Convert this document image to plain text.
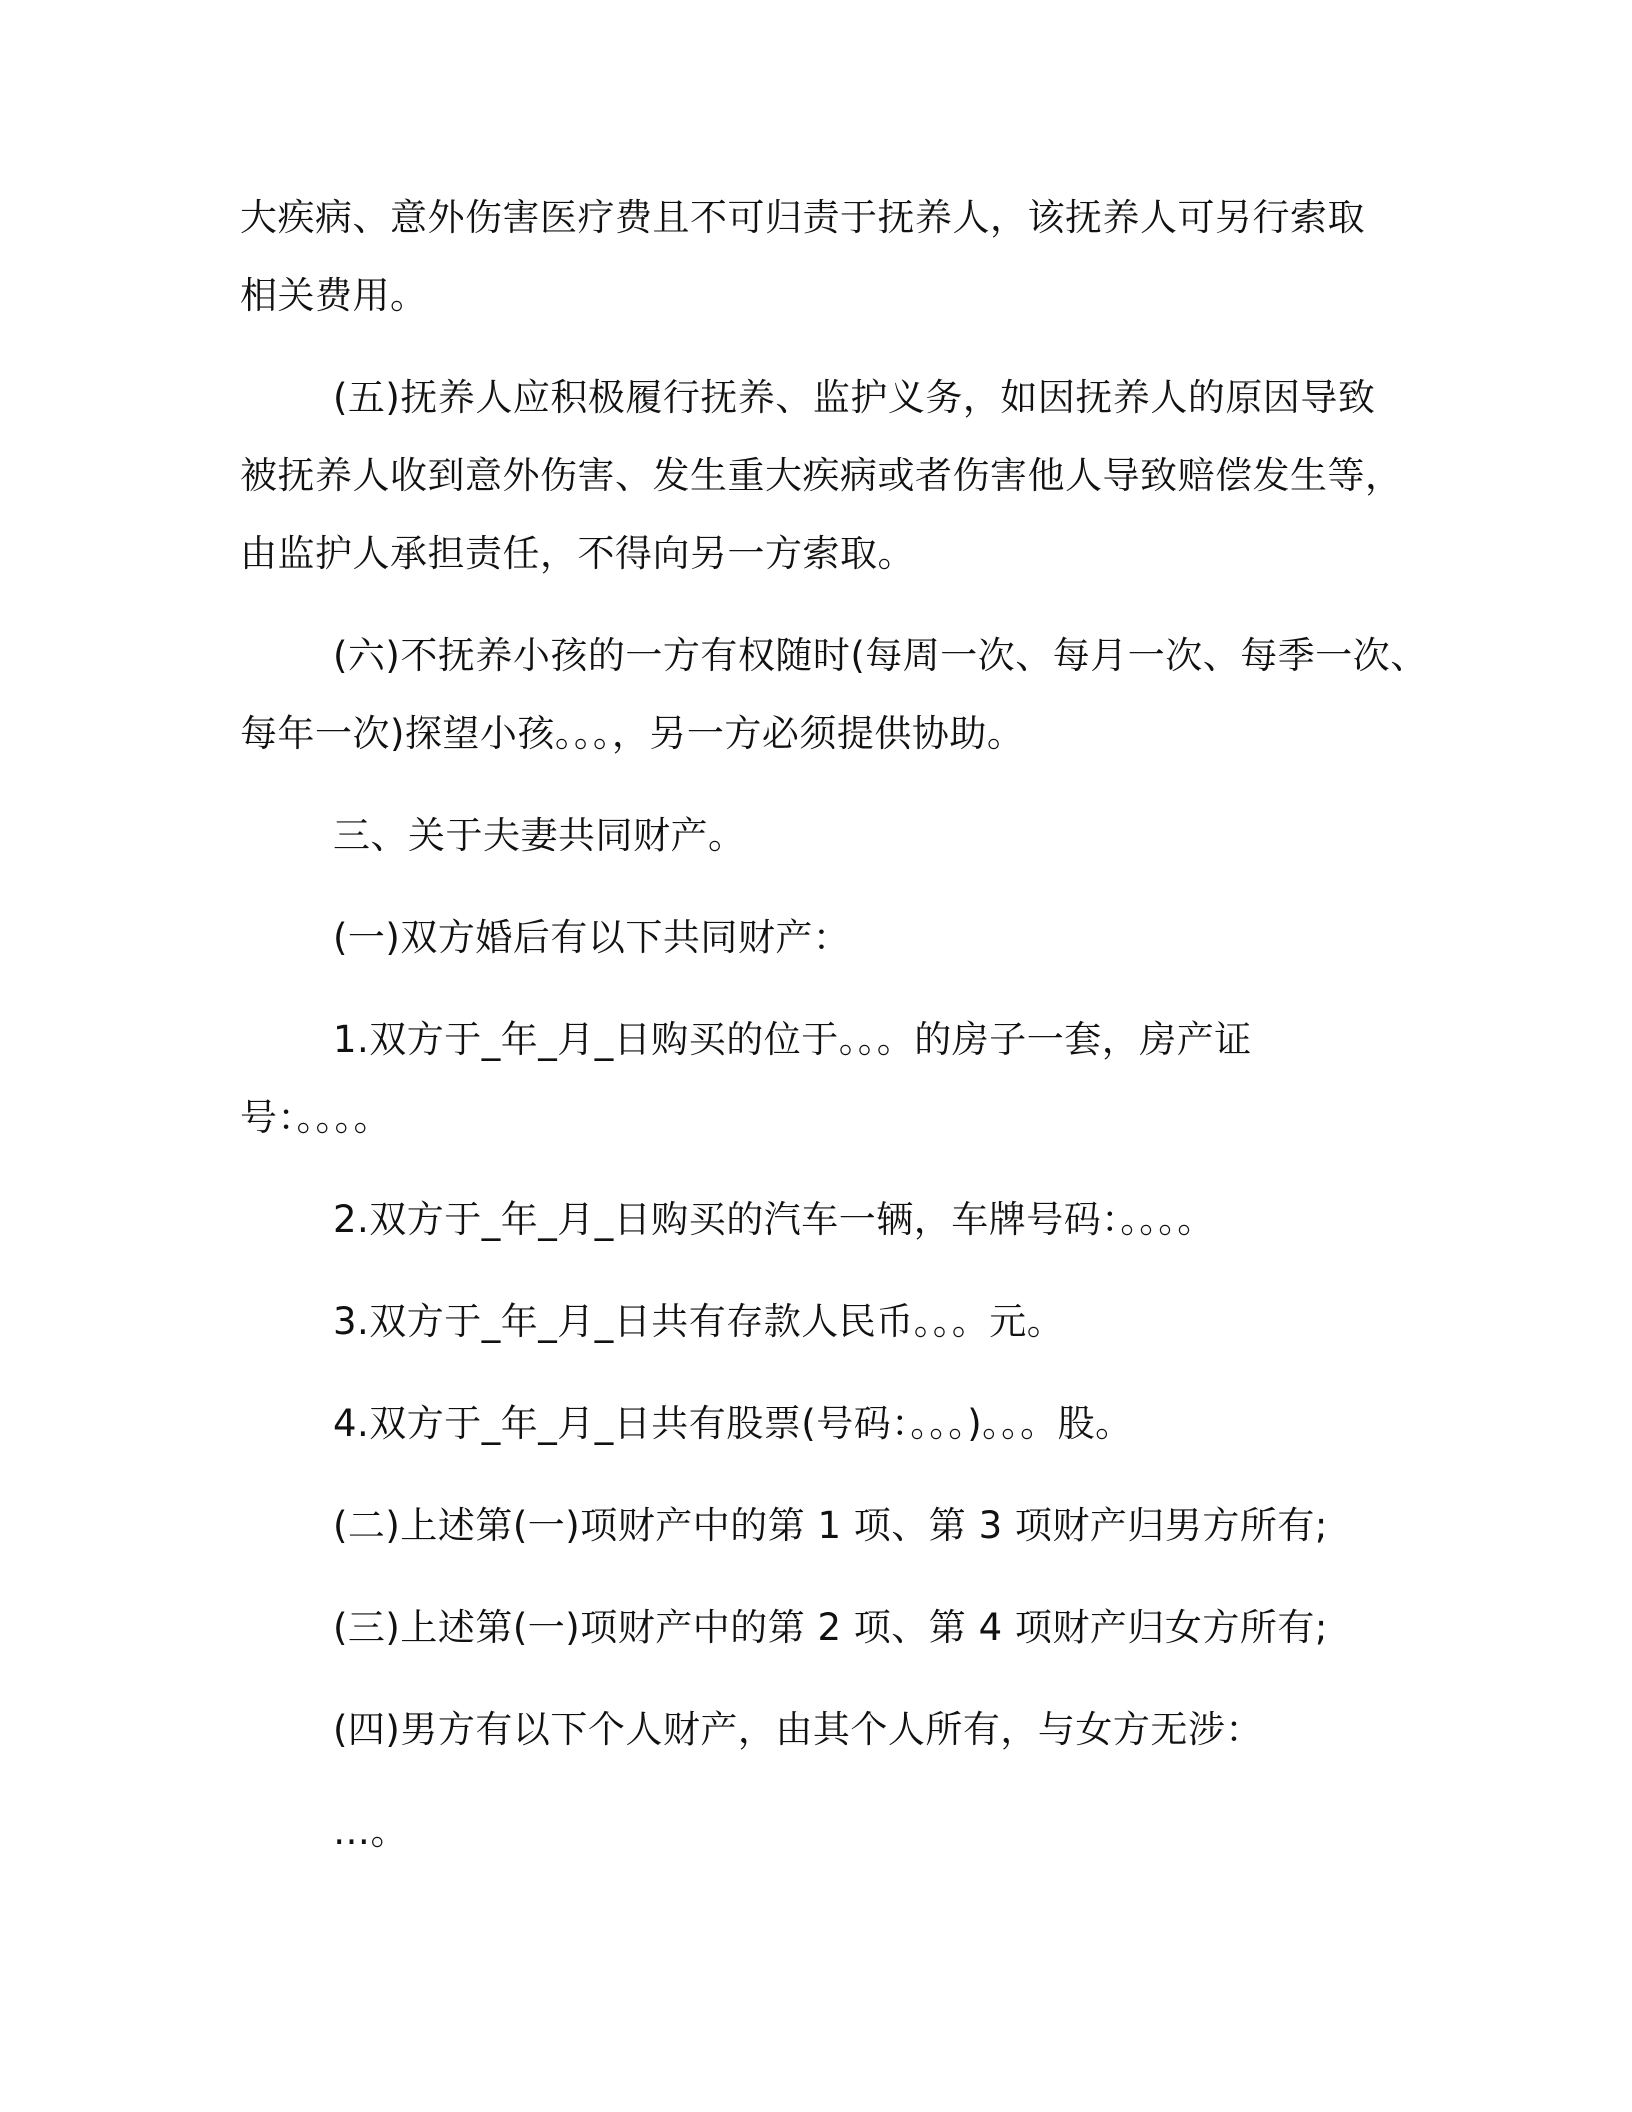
大疾病、意外伤害医疗费且不可归责于抚养人，该抚养人可另行索取

相关费用。

(五)抚养人应积极履行抚养、监护义务，如因抚养人的原因导致

被抚养人收到意外伤害、发生重大疾病或者伤害他人导致赔偿发生等，

由监护人承担责任，不得向另一方索取。

(六)不抚养小孩的一方有权随时(每周一次、每月一次、每季一次、

每年一次)探望小孩。。。，另一方必须提供协助。

三、关于夫妻共同财产。

(一)双方婚后有以下共同财产：

1.双方于_年_月_日购买的位于。。。的房子一套，房产证

号：。。。。

2.双方于_年_月_日购买的汽车一辆，车牌号码：。。。。

3.双方于_年_月_日共有存款人民币。。。元。

4.双方于_年_月_日共有股票(号码：。。。)。。。股。

(二)上述第(一)项财产中的第 1 项、第 3 项财产归男方所有;

(三)上述第(一)项财产中的第 2 项、第 4 项财产归女方所有;

(四)男方有以下个人财产，由其个人所有，与女方无涉：

…。
